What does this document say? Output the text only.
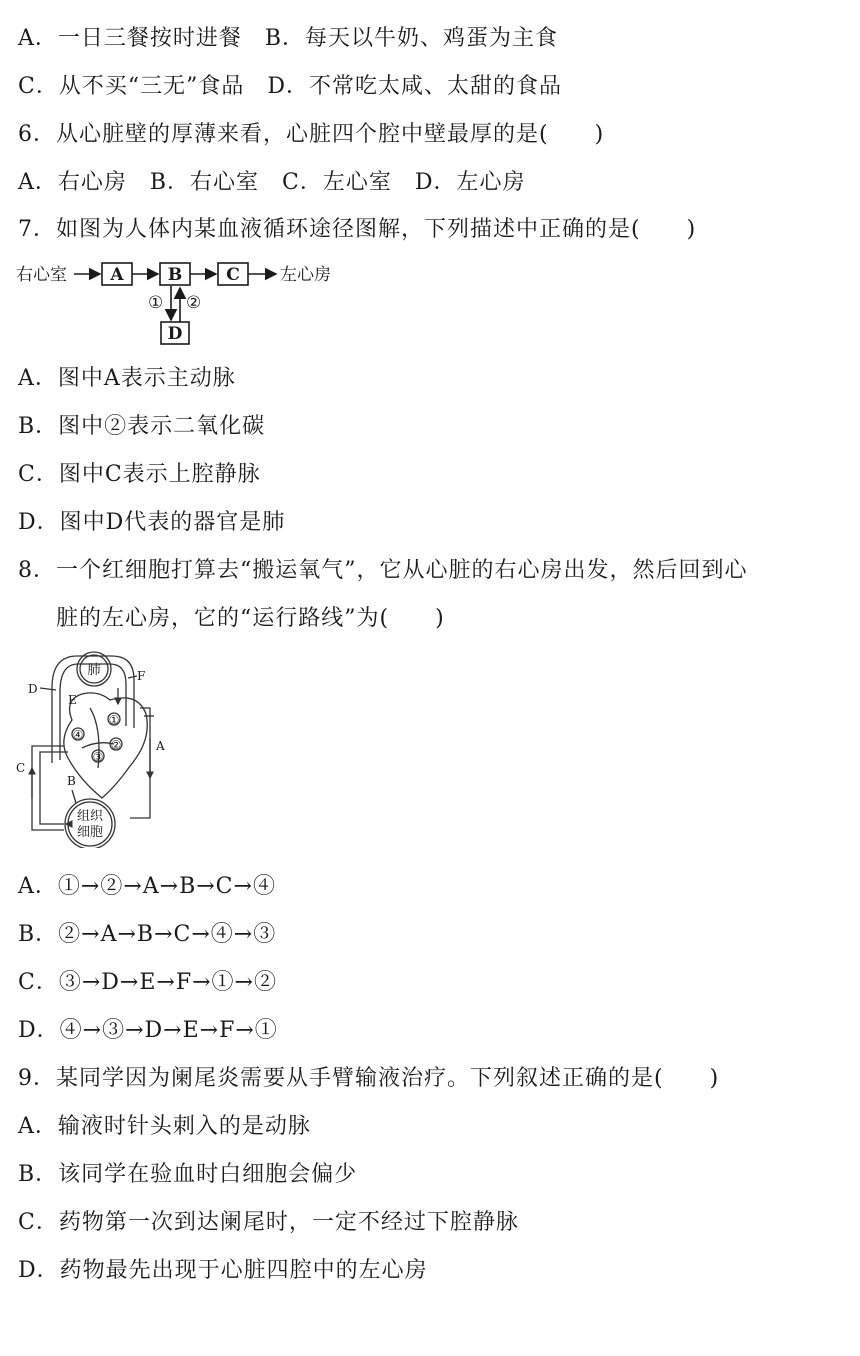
A．一日三餐按时进餐　B．每天以牛奶、鸡蛋为主食
C．从不买“三无”食品　D．不常吃太咸、太甜的食品
6．从心脏壁的厚薄来看，心脏四个腔中壁最厚的是(　　)
A．右心房　B．右心室　C．左心室　D．左心房
7．如图为人体内某血液循环途径图解，下列描述中正确的是(　　)
右心室	A	B	C 左心房
① ②
D
A．图中A表示主动脉
B．图中②表示二氧化碳
C．图中C表示上腔静脉
D．图中D代表的器官是肺
8．一个红细胞打算去“搬运氧气”，它从心脏的右心房出发，然后回到心
脏的左心房，它的“运行路线”为(　　)
肺
组织
细胞
A
B
C
D
E
F
①
②
③
④
A．①→②→A→B→C→④
B．②→A→B→C→④→③
C．③→D→E→F→①→②
D．④→③→D→E→F→①
9．某同学因为阑尾炎需要从手臂输液治疗。下列叙述正确的是(　　)
A．输液时针头刺入的是动脉
B．该同学在验血时白细胞会偏少
C．药物第一次到达阑尾时，一定不经过下腔静脉
D．药物最先出现于心脏四腔中的左心房
